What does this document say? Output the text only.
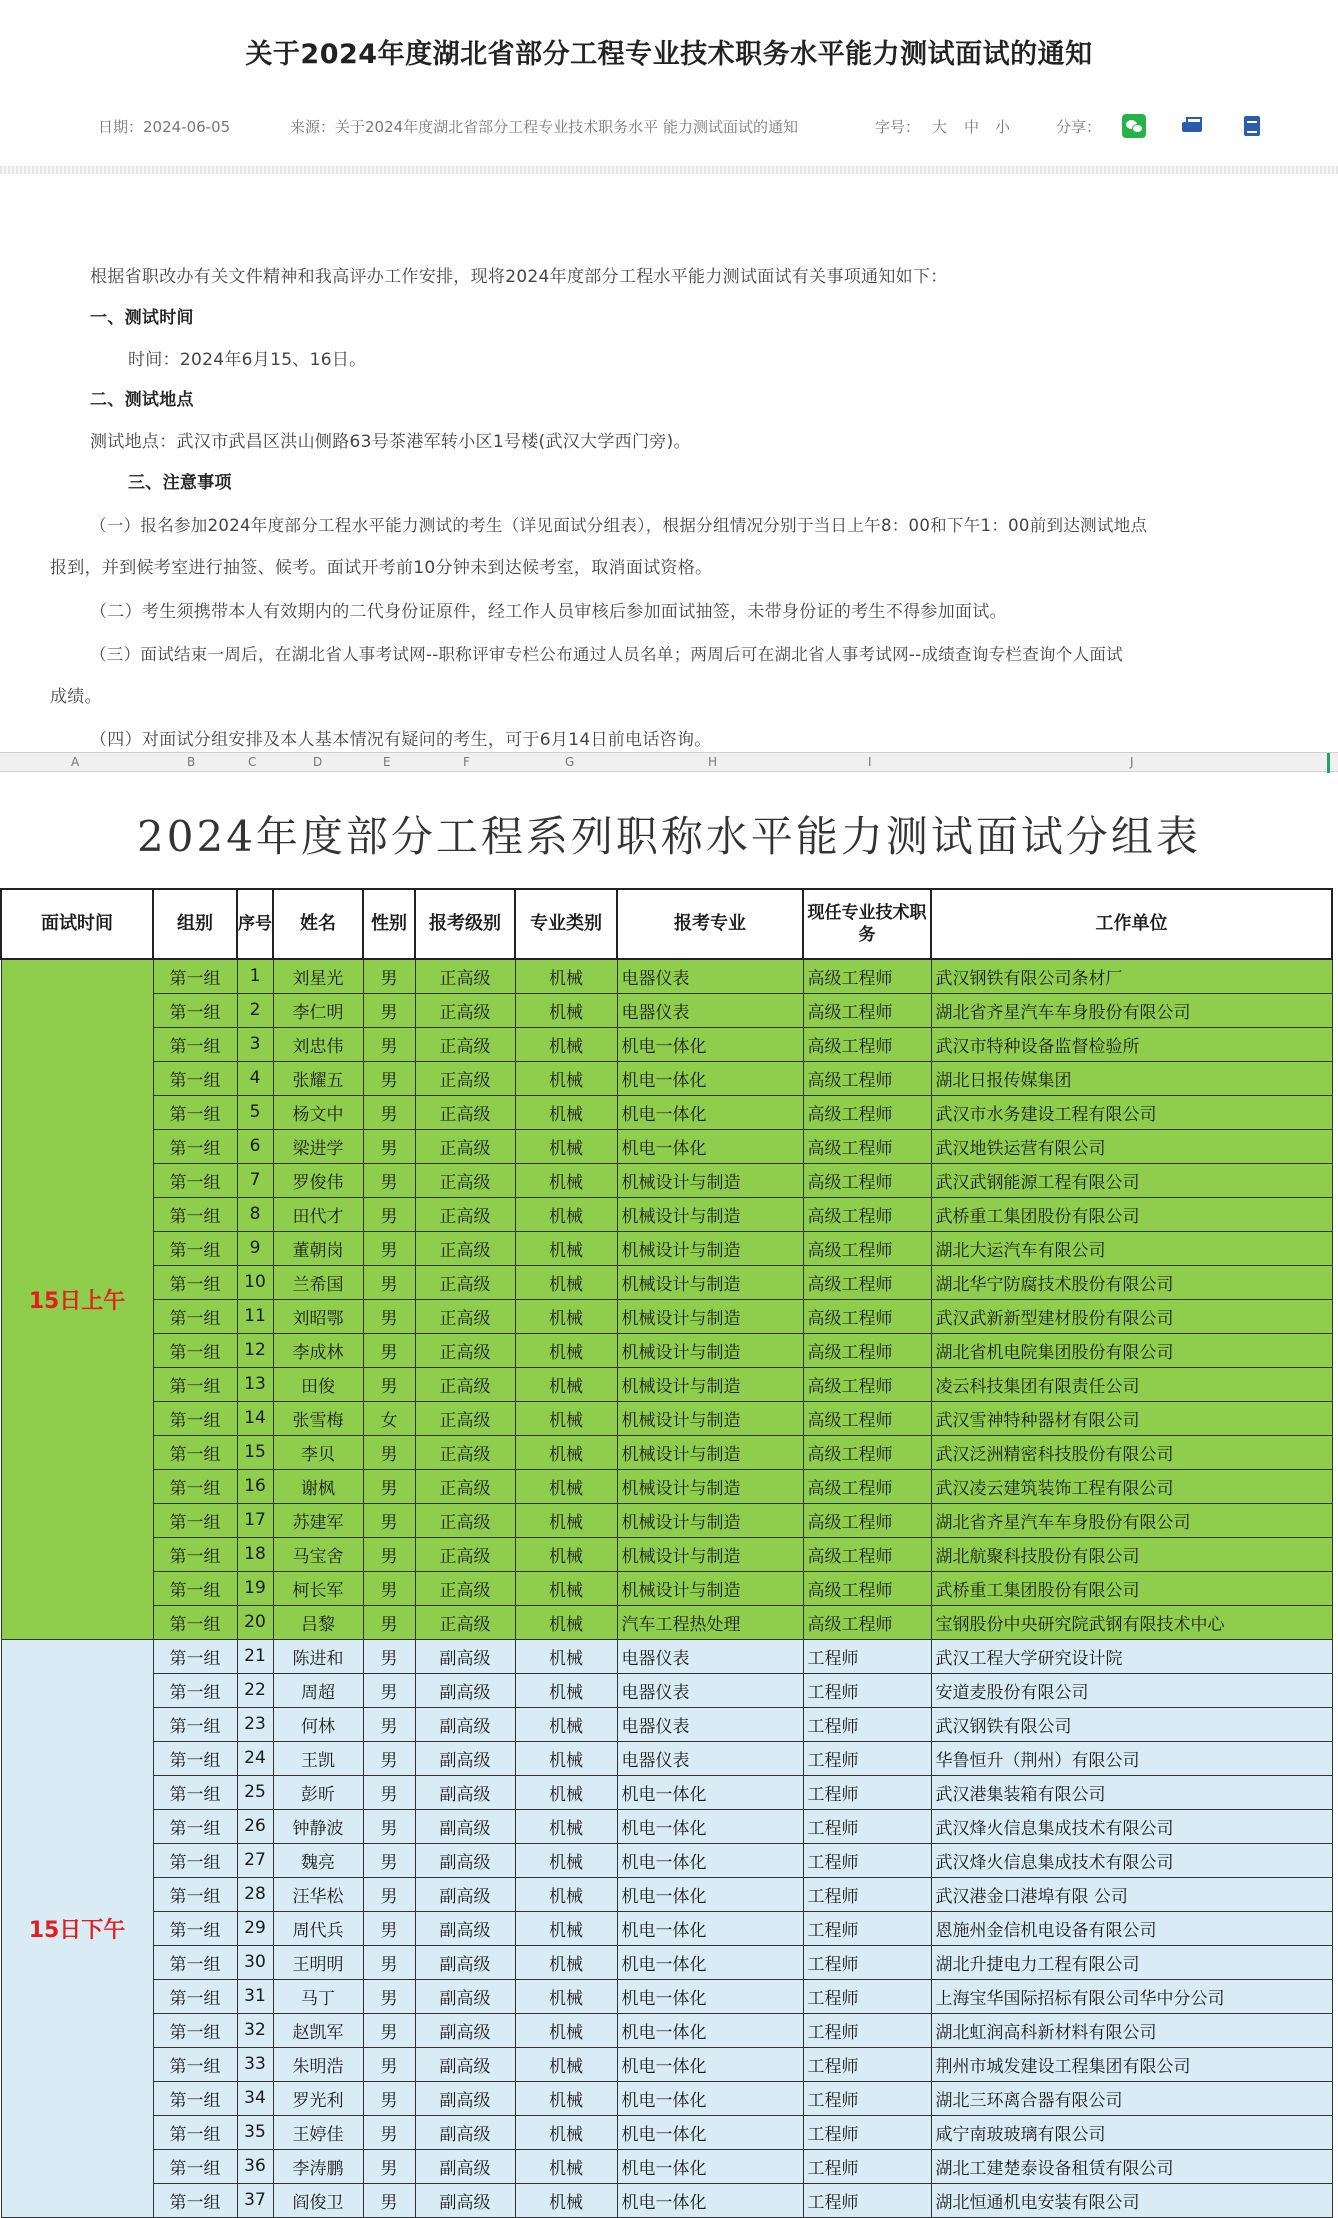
关于2024年度湖北省部分工程专业技术职务水平能力测试面试的通知
日期：2024-06-05	来源：关于2024年度湖北省部分工程专业技术职务水平 能力测试面试的通知	字号： 大 中 小	分享：
根据省职改办有关文件精神和我高评办工作安排，现将2024年度部分工程水平能力测试面试有关事项通知如下：
一、测试时间
时间：2024年6月15、16日。
二、测试地点
测试地点：武汉市武昌区洪山侧路63号茶港军转小区1号楼(武汉大学西门旁)。
三、注意事项
（一）报名参加2024年度部分工程水平能力测试的考生（详见面试分组表），根据分组情况分别于当日上午8：00和下午1：00前到达测试地点
报到，并到候考室进行抽签、候考。面试开考前10分钟未到达候考室，取消面试资格。
（二）考生须携带本人有效期内的二代身份证原件，经工作人员审核后参加面试抽签，未带身份证的考生不得参加面试。
（三）面试结束一周后，在湖北省人事考试网--职称评审专栏公布通过人员名单；两周后可在湖北省人事考试网--成绩查询专栏查询个人面试
成绩。
（四）对面试分组安排及本人基本情况有疑问的考生，可于6月14日前电话咨询。
A	B	C	D	E	F	G	H	I	J
2024年度部分工程系列职称水平能力测试面试分组表
面试时间	组别	序号	姓名	性别	报考级别	专业类别	报考专业	现任专业技术职务	工作单位
15日上午	第一组	1	刘星光	男	正高级	机械	电器仪表	高级工程师	武汉钢铁有限公司条材厂
	第一组	2	李仁明	男	正高级	机械	电器仪表	高级工程师	湖北省齐星汽车车身股份有限公司
	第一组	3	刘忠伟	男	正高级	机械	机电一体化	高级工程师	武汉市特种设备监督检验所
	第一组	4	张耀五	男	正高级	机械	机电一体化	高级工程师	湖北日报传媒集团
	第一组	5	杨文中	男	正高级	机械	机电一体化	高级工程师	武汉市水务建设工程有限公司
	第一组	6	梁进学	男	正高级	机械	机电一体化	高级工程师	武汉地铁运营有限公司
	第一组	7	罗俊伟	男	正高级	机械	机械设计与制造	高级工程师	武汉武钢能源工程有限公司
	第一组	8	田代才	男	正高级	机械	机械设计与制造	高级工程师	武桥重工集团股份有限公司
	第一组	9	董朝岗	男	正高级	机械	机械设计与制造	高级工程师	湖北大运汽车有限公司
	第一组	10	兰希国	男	正高级	机械	机械设计与制造	高级工程师	湖北华宁防腐技术股份有限公司
	第一组	11	刘昭鄂	男	正高级	机械	机械设计与制造	高级工程师	武汉武新新型建材股份有限公司
	第一组	12	李成林	男	正高级	机械	机械设计与制造	高级工程师	湖北省机电院集团股份有限公司
	第一组	13	田俊	男	正高级	机械	机械设计与制造	高级工程师	凌云科技集团有限责任公司
	第一组	14	张雪梅	女	正高级	机械	机械设计与制造	高级工程师	武汉雪神特种器材有限公司
	第一组	15	李贝	男	正高级	机械	机械设计与制造	高级工程师	武汉泛洲精密科技股份有限公司
	第一组	16	谢枫	男	正高级	机械	机械设计与制造	高级工程师	武汉凌云建筑装饰工程有限公司
	第一组	17	苏建军	男	正高级	机械	机械设计与制造	高级工程师	湖北省齐星汽车车身股份有限公司
	第一组	18	马宝舍	男	正高级	机械	机械设计与制造	高级工程师	湖北航聚科技股份有限公司
	第一组	19	柯长军	男	正高级	机械	机械设计与制造	高级工程师	武桥重工集团股份有限公司
	第一组	20	吕黎	男	正高级	机械	汽车工程热处理	高级工程师	宝钢股份中央研究院武钢有限技术中心
15日下午	第一组	21	陈进和	男	副高级	机械	电器仪表	工程师	武汉工程大学研究设计院
	第一组	22	周超	男	副高级	机械	电器仪表	工程师	安道麦股份有限公司
	第一组	23	何林	男	副高级	机械	电器仪表	工程师	武汉钢铁有限公司
	第一组	24	王凯	男	副高级	机械	电器仪表	工程师	华鲁恒升（荆州）有限公司
	第一组	25	彭昕	男	副高级	机械	机电一体化	工程师	武汉港集装箱有限公司
	第一组	26	钟静波	男	副高级	机械	机电一体化	工程师	武汉烽火信息集成技术有限公司
	第一组	27	魏亮	男	副高级	机械	机电一体化	工程师	武汉烽火信息集成技术有限公司
	第一组	28	汪华松	男	副高级	机械	机电一体化	工程师	武汉港金口港埠有限 公司
	第一组	29	周代兵	男	副高级	机械	机电一体化	工程师	恩施州金信机电设备有限公司
	第一组	30	王明明	男	副高级	机械	机电一体化	工程师	湖北升捷电力工程有限公司
	第一组	31	马丁	男	副高级	机械	机电一体化	工程师	上海宝华国际招标有限公司华中分公司
	第一组	32	赵凯军	男	副高级	机械	机电一体化	工程师	湖北虹润高科新材料有限公司
	第一组	33	朱明浩	男	副高级	机械	机电一体化	工程师	荆州市城发建设工程集团有限公司
	第一组	34	罗光利	男	副高级	机械	机电一体化	工程师	湖北三环离合器有限公司
	第一组	35	王婷佳	男	副高级	机械	机电一体化	工程师	咸宁南玻玻璃有限公司
	第一组	36	李涛鹏	男	副高级	机械	机电一体化	工程师	湖北工建楚泰设备租赁有限公司
	第一组	37	阎俊卫	男	副高级	机械	机电一体化	工程师	湖北恒通机电安装有限公司
